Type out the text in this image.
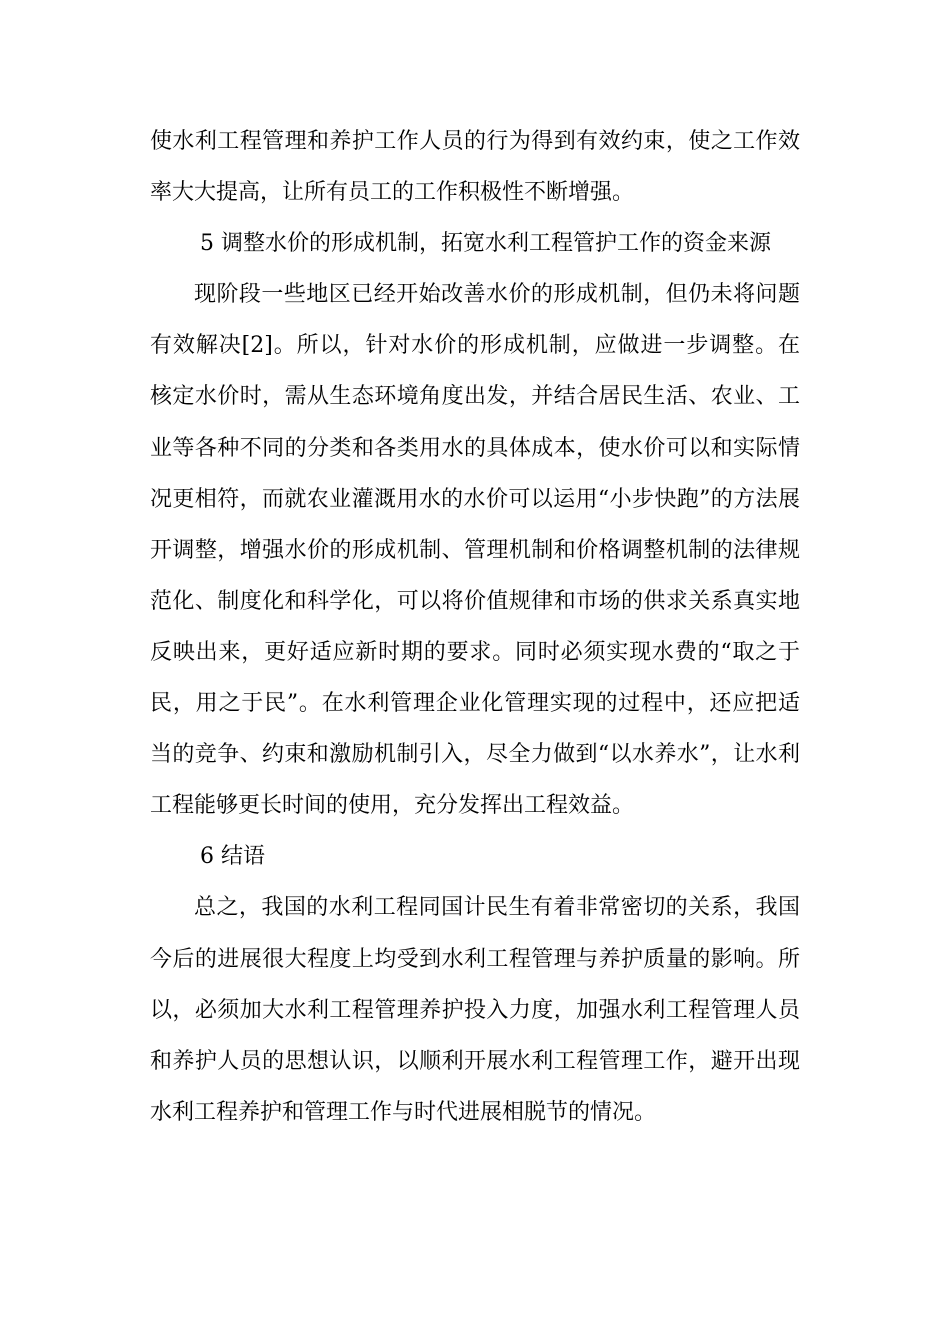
使水利工程管理和养护工作人员的行为得到有效约束，使之工作效
率大大提高，让所有员工的工作积极性不断增强。
5 调整水价的形成机制，拓宽水利工程管护工作的资金来源
现阶段一些地区已经开始改善水价的形成机制，但仍未将问题
有效解决[2]。所以，针对水价的形成机制，应做进一步调整。在
核定水价时，需从生态环境角度出发，并结合居民生活、农业、工
业等各种不同的分类和各类用水的具体成本，使水价可以和实际情
况更相符，而就农业灌溉用水的水价可以运用“小步快跑”的方法展
开调整，增强水价的形成机制、管理机制和价格调整机制的法律规
范化、制度化和科学化，可以将价值规律和市场的供求关系真实地
反映出来，更好适应新时期的要求。同时必须实现水费的“取之于
民，用之于民”。在水利管理企业化管理实现的过程中，还应把适
当的竞争、约束和激励机制引入，尽全力做到“以水养水”，让水利
工程能够更长时间的使用，充分发挥出工程效益。
6 结语
总之，我国的水利工程同国计民生有着非常密切的关系，我国
今后的进展很大程度上均受到水利工程管理与养护质量的影响。所
以，必须加大水利工程管理养护投入力度，加强水利工程管理人员
和养护人员的思想认识，以顺利开展水利工程管理工作，避开出现
水利工程养护和管理工作与时代进展相脱节的情况。
